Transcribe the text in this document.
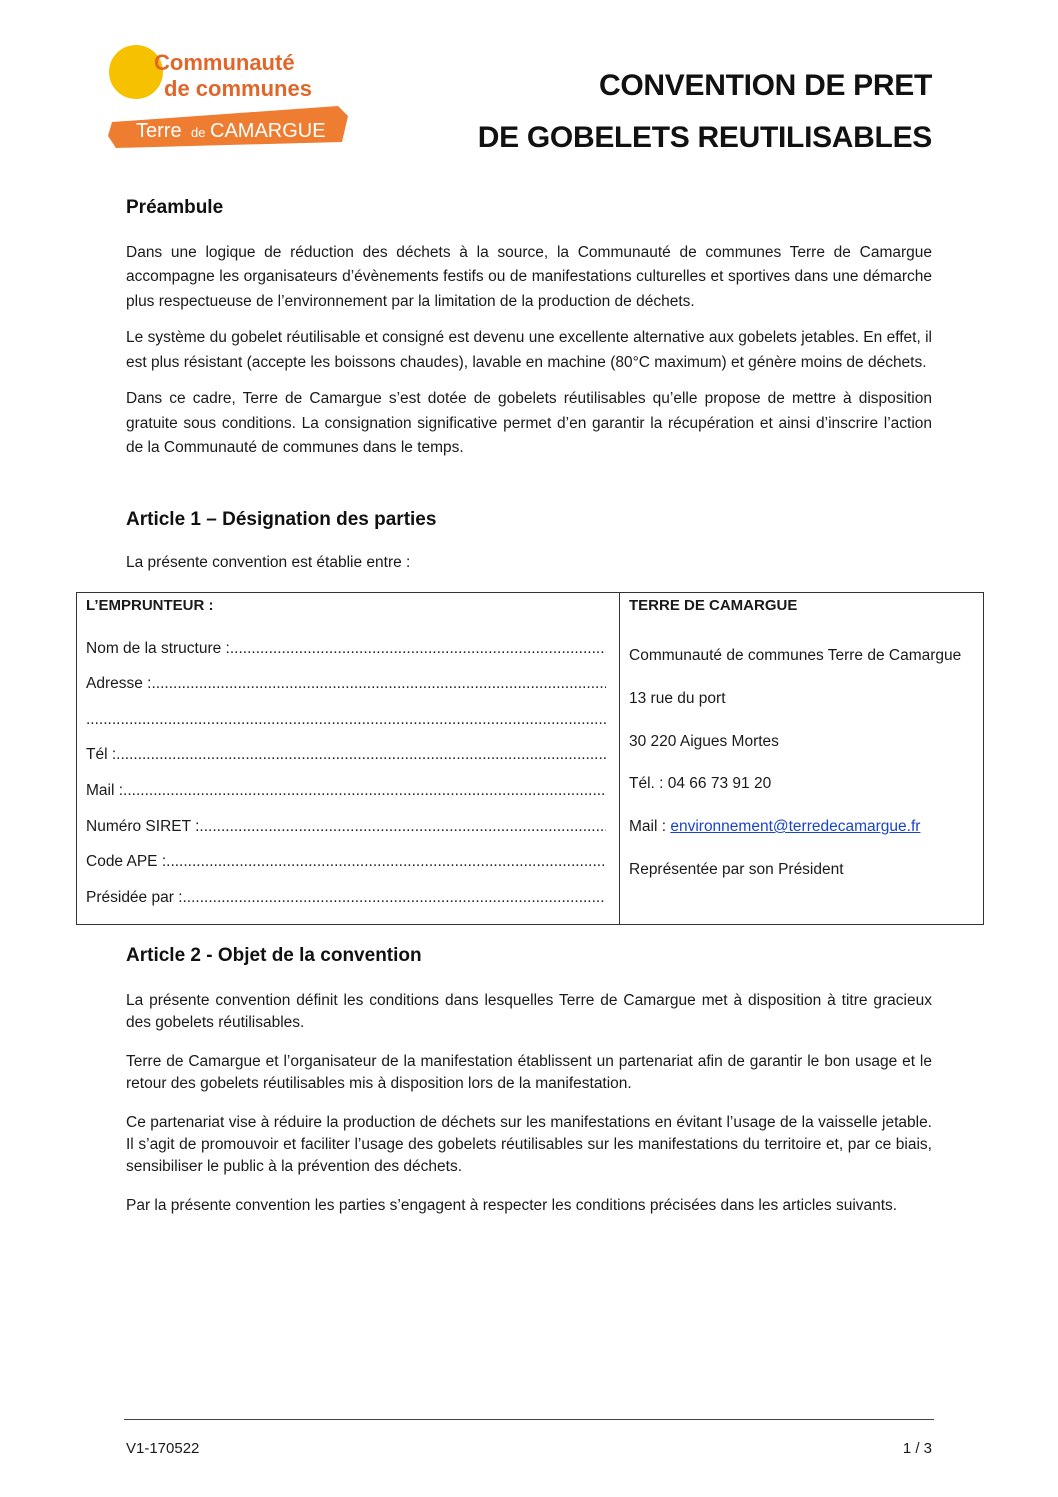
Communauté
de communes
Terre de CAMARGUE
CONVENTION DE PRET
DE GOBELETS REUTILISABLES
Préambule

Dans une logique de réduction des déchets à la source, la Communauté de communes Terre de Camargue accompagne les organisateurs d’évènements festifs ou de manifestations culturelles et sportives dans une démarche plus respectueuse de l’environnement par la limitation de la production de déchets.

Le système du gobelet réutilisable et consigné est devenu une excellente alternative aux gobelets jetables. En effet, il est plus résistant (accepte les boissons chaudes), lavable en machine (80°C maximum) et génère moins de déchets.

Dans ce cadre, Terre de Camargue s’est dotée de gobelets réutilisables qu’elle propose de mettre à disposition gratuite sous conditions. La consignation significative permet d’en garantir la récupération et ainsi d’inscrire l’action de la Communauté de communes dans le temps.

Article 1 – Désignation des parties

La présente convention est établie entre :

L’EMPRUNTEUR :
Nom de la structure :
.....
Adresse :
.....
.....
Tél :
.....
Mail :
.....
Numéro SIRET :
.....
Code APE :
.....
Présidée par :
.....

TERRE DE CAMARGUE
Communauté de communes Terre de Camargue
13 rue du port
30 220 Aigues Mortes
Tél. : 04 66 73 91 20
Mail : environnement@terredecamargue.fr
Représentée par son Président
Article 2 - Objet de la convention

La présente convention définit les conditions dans lesquelles Terre de Camargue met à disposition à titre gracieux des gobelets réutilisables.

Terre de Camargue et l’organisateur de la manifestation établissent un partenariat afin de garantir le bon usage et le retour des gobelets réutilisables mis à disposition lors de la manifestation.

Ce partenariat vise à réduire la production de déchets sur les manifestations en évitant l’usage de la vaisselle jetable. Il s’agit de promouvoir et faciliter l’usage des gobelets réutilisables sur les manifestations du territoire et, par ce biais, sensibiliser le public à la prévention des déchets.

Par la présente convention les parties s’engagent à respecter les conditions précisées dans les articles suivants.

V1-170522	1 / 3
